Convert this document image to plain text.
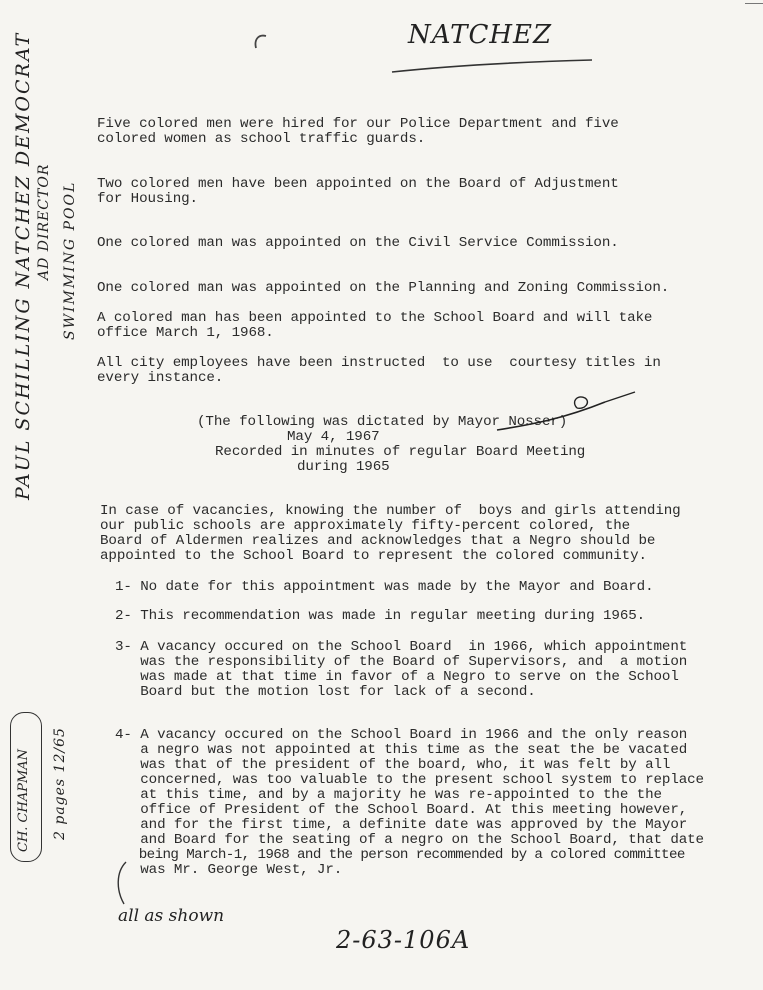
NATCHEZ
PAUL SCHILLING NATCHEZ DEMOCRAT AD DIRECTOR SWIMMING POOL
CH. CHAPMAN 2 pages 12/65

Five colored men were hired for our Police Department and five

colored women as school traffic guards.

Two colored men have been appointed on the Board of Adjustment

for Housing.

One colored man was appointed on the Civil Service Commission.

One colored man was appointed on the Planning and Zoning Commission.

A colored man has been appointed to the School Board and will take

office March 1, 1968.

All city employees have been instructed  to use  courtesy titles in

every instance.

(The following was dictated by Mayor Nosser)

May 4, 1967

Recorded in minutes of regular Board Meeting

during 1965

In case of vacancies, knowing the number of  boys and girls attending

our public schools are approximately fifty-percent colored, the

Board of Aldermen realizes and acknowledges that a Negro should be

appointed to the School Board to represent the colored community.

1- No date for this appointment was made by the Mayor and Board.

2- This recommendation was made in regular meeting during 1965.

3- A vacancy occured on the School Board  in 1966, which appointment

was the responsibility of the Board of Supervisors, and  a motion

was made at that time in favor of a Negro to serve on the School

Board but the motion lost for lack of a second.

4- A vacancy occured on the School Board in 1966 and the only reason

a negro was not appointed at this time as the seat the be vacated

was that of the president of the board, who, it was felt by all

concerned, was too valuable to the present school system to replace

at this time, and by a majority he was re-appointed to the the

office of President of the School Board. At this meeting however,

and for the first time, a definite date was approved by the Mayor

and Board for the seating of a negro on the School Board, that date

being March-1, 1968 and the person recommended by a colored committee

was Mr. George West, Jr.

all as shown
2-63-106A
